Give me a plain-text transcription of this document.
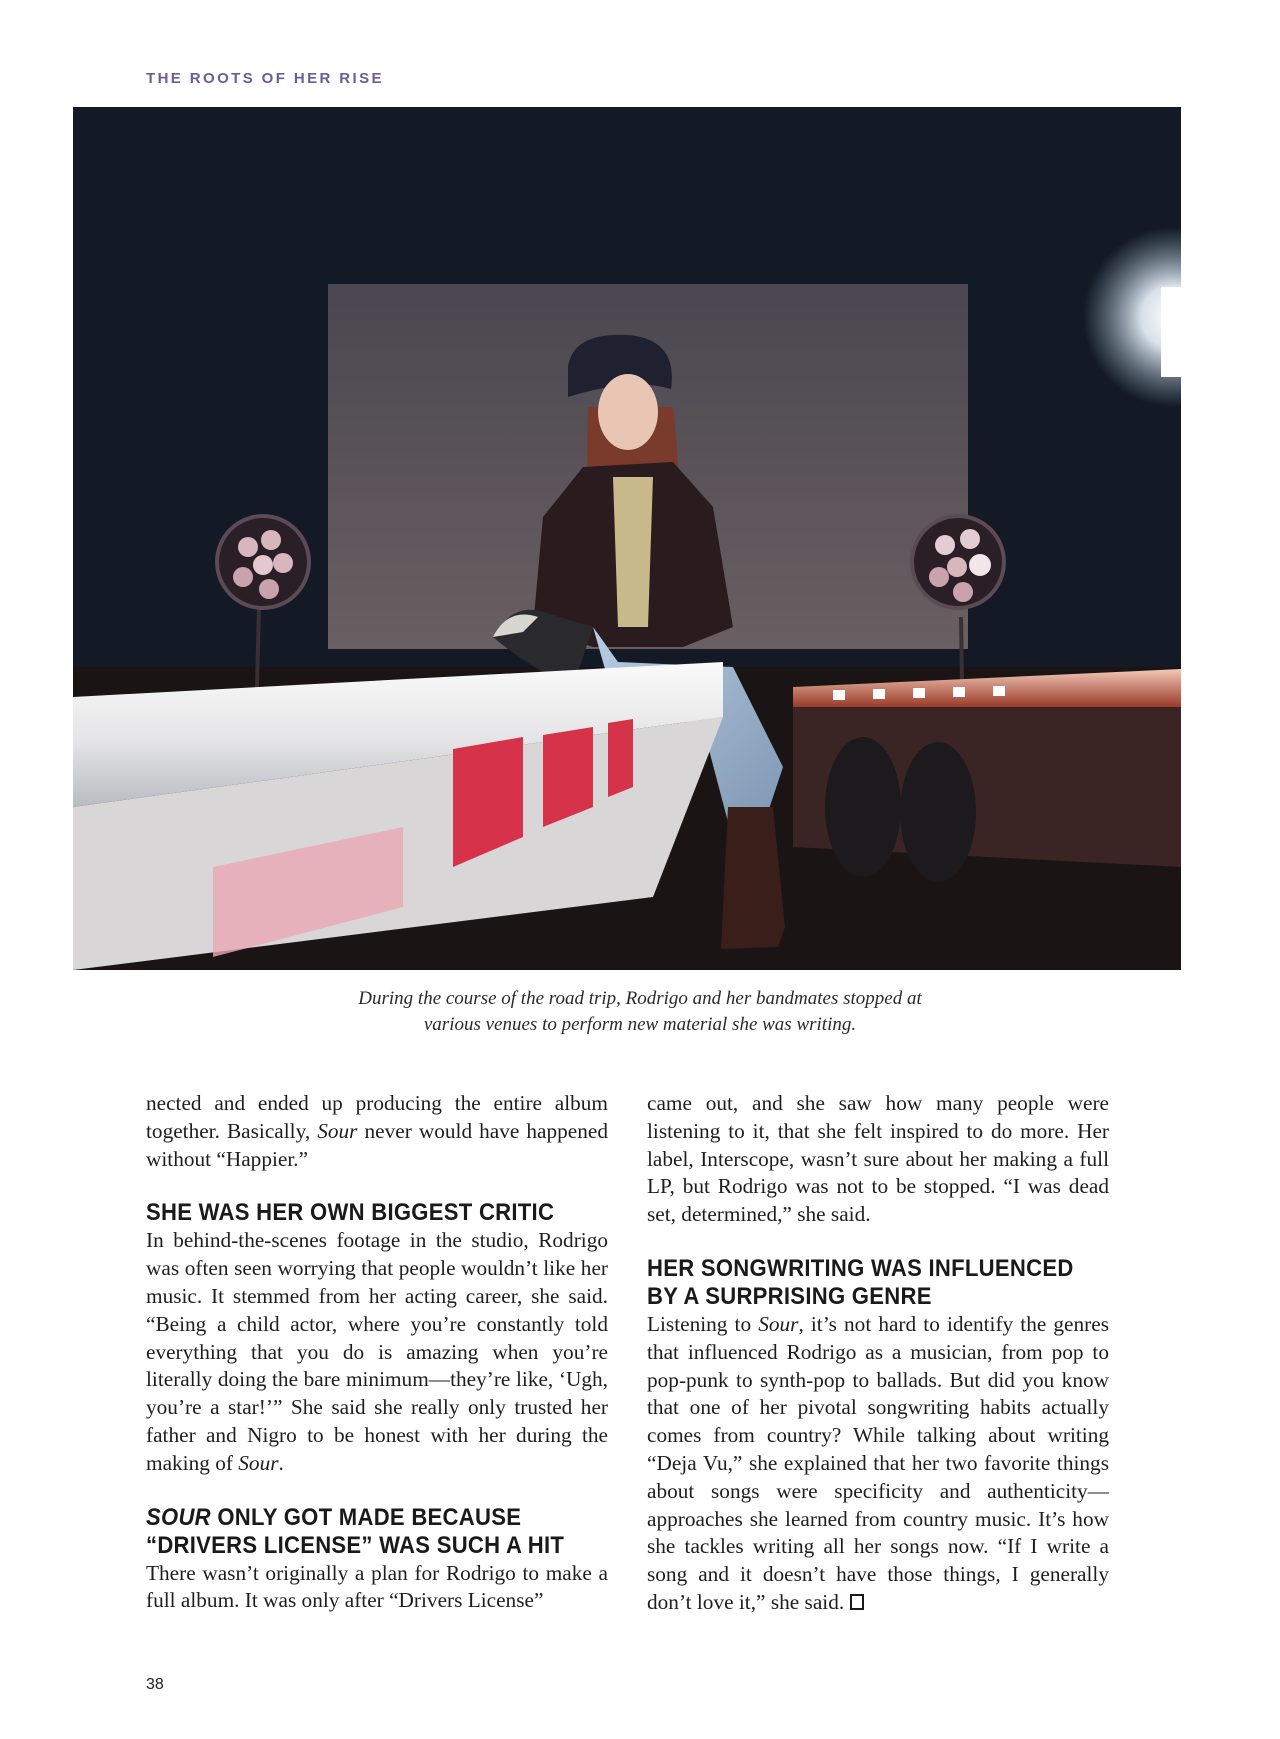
THE ROOTS OF HER RISE
During the course of the road trip, Rodrigo and her bandmates stopped at
various venues to perform new material she was writing.

nected and ended up producing the entire album together. Basically, Sour never would have happened without “Happier.”

SHE WAS HER OWN BIGGEST CRITIC

In behind-the-scenes footage in the studio, Rodrigo was often seen worrying that people wouldn’t like her music. It stemmed from her acting career, she said. “Being a child actor, where you’re constantly told everything that you do is amazing when you’re literally doing the bare minimum—they’re like, ‘Ugh, you’re a star!’” She said she really only trusted her father and Nigro to be honest with her during the making of Sour.

SOUR ONLY GOT MADE BECAUSE
“DRIVERS LICENSE” WAS SUCH A HIT

There wasn’t originally a plan for Rodrigo to make a full album. It was only after “Drivers License”

came out, and she saw how many people were listening to it, that she felt inspired to do more. Her label, Interscope, wasn’t sure about her making a full LP, but Rodrigo was not to be stopped. “I was dead set, determined,” she said.

HER SONGWRITING WAS INFLUENCED
BY A SURPRISING GENRE

Listening to Sour, it’s not hard to identify the genres that influenced Rodrigo as a musician, from pop to pop-punk to synth-pop to ballads. But did you know that one of her pivotal songwriting habits actually comes from country? While talking about writing “Deja Vu,” she explained that her two favorite things about songs were specificity and authenticity—approaches she learned from country music. It’s how she tackles writing all her songs now. “If I write a song and it doesn’t have those things, I generally don’t love it,” she said.

38
